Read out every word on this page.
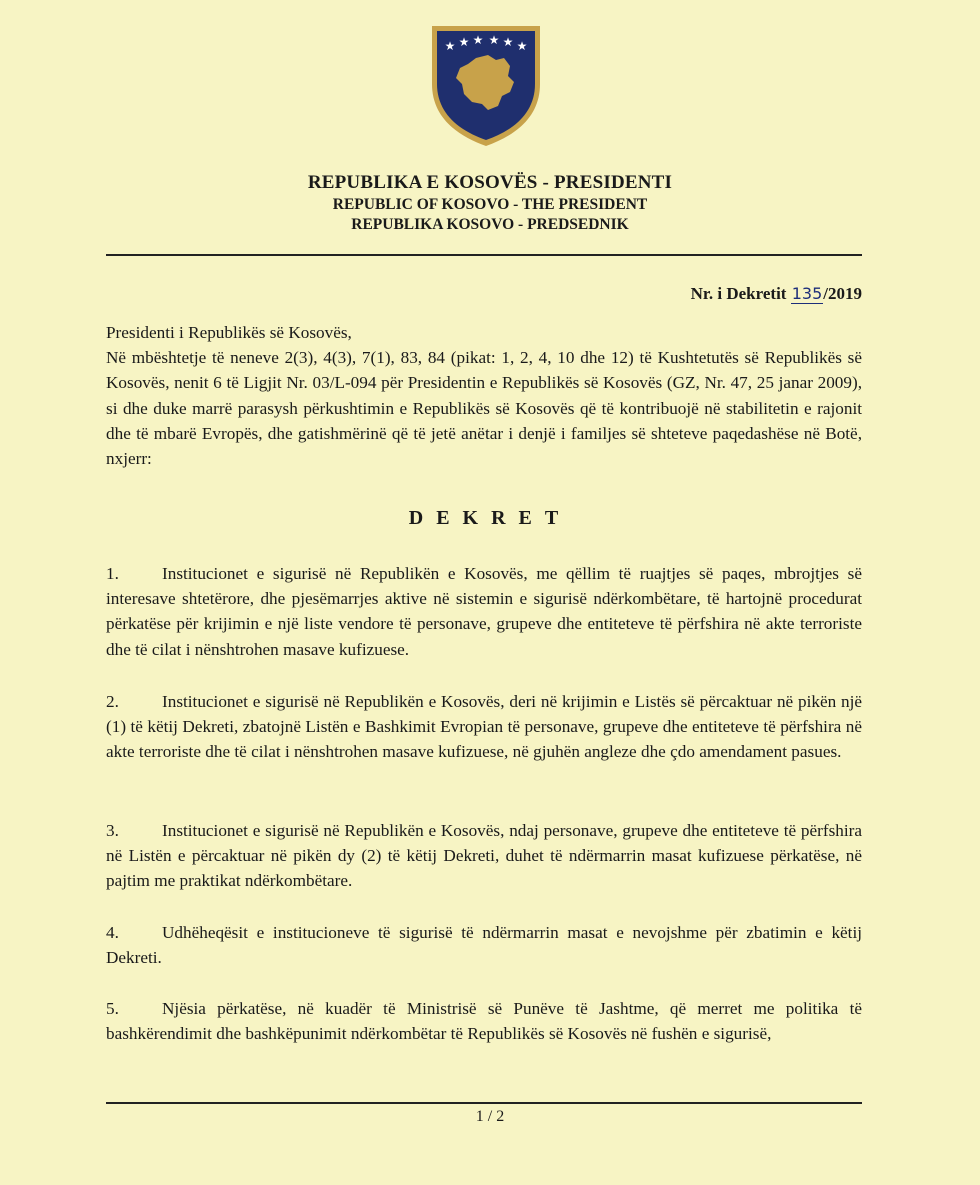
★ ★ ★ ★ ★ ★
REPUBLIKA E KOSOVËS - PRESIDENTI
REPUBLIC OF KOSOVO - THE PRESIDENT
REPUBLIKA KOSOVO - PREDSEDNIK
Nr. i Dekretit 135/2019

Presidenti i Republikës së Kosovës,

Në mbështetje të neneve 2(3), 4(3), 7(1), 83, 84 (pikat: 1, 2, 4, 10 dhe 12) të Kushtetutës së Republikës së Kosovës, nenit 6 të Ligjit Nr. 03/L-094 për Presidentin e Republikës së Kosovës (GZ, Nr. 47, 25 janar 2009), si dhe duke marrë parasysh përkushtimin e Republikës së Kosovës që të kontribuojë në stabilitetin e rajonit dhe të mbarë Evropës, dhe gatishmërinë që të jetë anëtar i denjë i familjes së shteteve paqedashëse në Botë, nxjerr:

DEKRET

1.	Institucionet e sigurisë në Republikën e Kosovës, me qëllim të ruajtjes së paqes, mbrojtjes së interesave shtetërore, dhe pjesëmarrjes aktive në sistemin e sigurisë ndërkombëtare, të hartojnë procedurat përkatëse për krijimin e një liste vendore të personave, grupeve dhe entiteteve të përfshira në akte terroriste dhe të cilat i nënshtrohen masave kufizuese.

2.	Institucionet e sigurisë në Republikën e Kosovës, deri në krijimin e Listës së përcaktuar në pikën një (1) të këtij Dekreti, zbatojnë Listën e Bashkimit Evropian të personave, grupeve dhe entiteteve të përfshira në akte terroriste dhe të cilat i nënshtrohen masave kufizuese, në gjuhën angleze dhe çdo amendament pasues.

3.	Institucionet e sigurisë në Republikën e Kosovës, ndaj personave, grupeve dhe entiteteve të përfshira në Listën e përcaktuar në pikën dy (2) të këtij Dekreti, duhet të ndërmarrin masat kufizuese përkatëse, në pajtim me praktikat ndërkombëtare.

4.	Udhëheqësit e institucioneve të sigurisë të ndërmarrin masat e nevojshme për zbatimin e këtij Dekreti.

5.	Njësia përkatëse, në kuadër të Ministrisë së Punëve të Jashtme, që merret me politika të bashkërendimit dhe bashkëpunimit ndërkombëtar të Republikës së Kosovës në fushën e sigurisë,

1 / 2
